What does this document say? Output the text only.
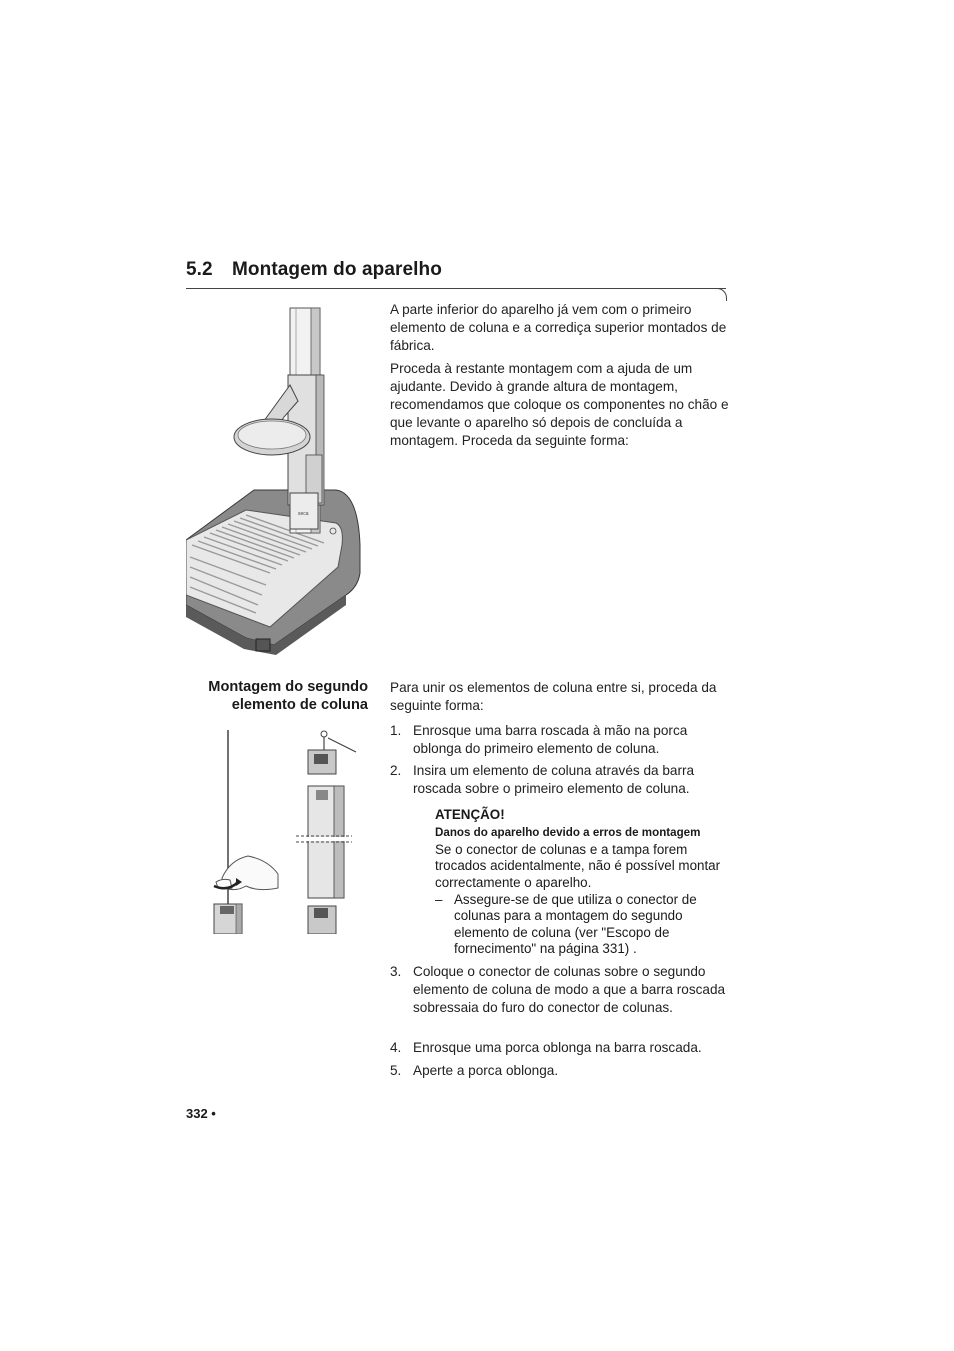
5.2 Montagem do aparelho
seca
A parte inferior do aparelho já vem com o primeiro elemento de coluna e a corrediça superior montados de fábrica.
Proceda à restante montagem com a ajuda de um ajudante. Devido à grande altura de montagem, recomendamos que coloque os componentes no chão e que levante o aparelho só depois de concluída a montagem. Proceda da seguinte forma:
Montagem do segundo
elemento de coluna
Para unir os elementos de coluna entre si, proceda da seguinte forma:
1. Enrosque uma barra roscada à mão na porca oblonga do primeiro elemento de coluna.
2. Insira um elemento de coluna através da barra roscada sobre o primeiro elemento de coluna.
ATENÇÃO!
Danos do aparelho devido a erros de montagem
Se o conector de colunas e a tampa forem trocados acidentalmente, não é possível montar correctamente o aparelho.
– Assegure-se de que utiliza o conector de colunas para a montagem do segundo elemento de coluna (ver "Escopo de fornecimento" na página 331) .
3. Coloque o conector de colunas sobre o segundo elemento de coluna de modo a que a barra roscada sobressaia do furo do conector de colunas.
4. Enrosque uma porca oblonga na barra roscada.
5. Aperte a porca oblonga.
332 •
